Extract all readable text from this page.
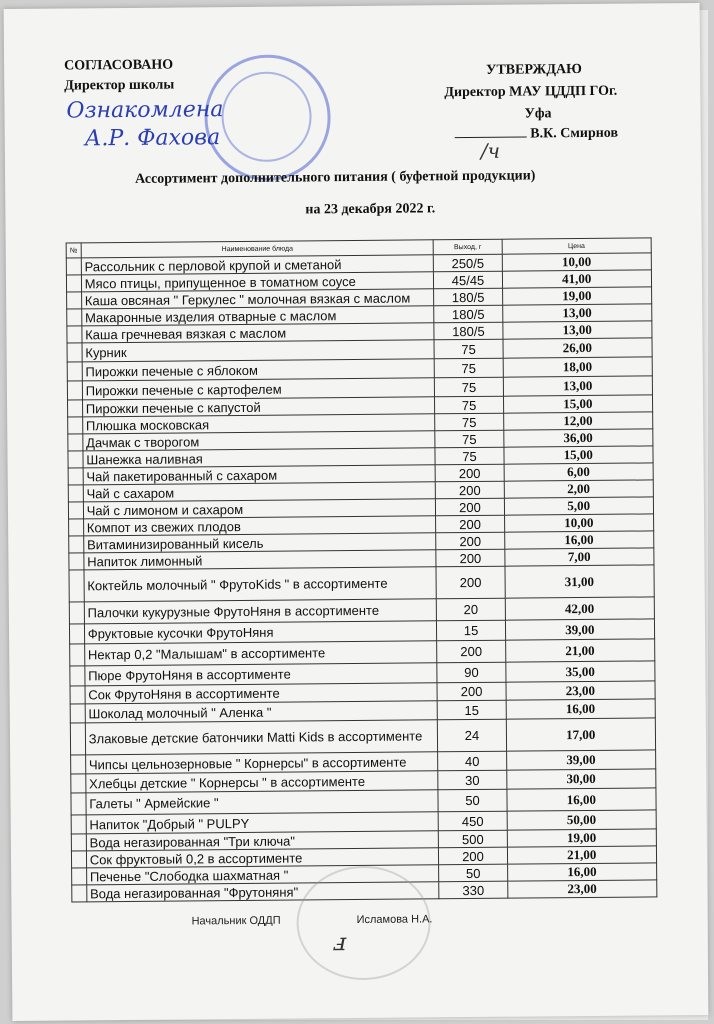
СОГЛАСОВАНО
Директор школы
УТВЕРЖДАЮ
Директор МАУ ЦДДП ГОг.
Уфа
В.К. Смирнов
Ознакомлена
А.Р. Фахова	/ч
Ассортимент дополнительного питания ( буфетной продукции)
на 23 декабря 2022 г.
№	Наименование блюда	Выход, г	Цена
	Рассольник с перловой крупой и сметаной	250/5	10,00
	Мясо птицы, припущенное в томатном соусе	45/45	41,00
	Каша овсяная " Геркулес " молочная вязкая с маслом	180/5	19,00
	Макаронные изделия отварные с маслом	180/5	13,00
	Каша гречневая вязкая с маслом	180/5	13,00
	Курник	75	26,00
	Пирожки печеные с яблоком	75	18,00
	Пирожки печеные с картофелем	75	13,00
	Пирожки печеные с капустой	75	15,00
	Плюшка московская	75	12,00
	Дачмак с творогом	75	36,00
	Шанежка наливная	75	15,00
	Чай пакетированный с сахаром	200	6,00
	Чай с сахаром	200	2,00
	Чай с лимоном и сахаром	200	5,00
	Компот из свежих плодов	200	10,00
	Витаминизированный кисель	200	16,00
	Напиток лимонный	200	7,00
	Коктейль молочный " ФрутоKids " в ассортименте	200	31,00
	Палочки кукурузные ФрутоНяня в ассортименте	20	42,00
	Фруктовые кусочки ФрутоНяня	15	39,00
	Нектар 0,2 "Малышам" в ассортименте	200	21,00
	Пюре ФрутоНяня в ассортименте	90	35,00
	Сок ФрутоНяня в ассортименте	200	23,00
	Шоколад молочный " Аленка "	15	16,00
	Злаковые детские батончики Matti Kids в ассортименте	24	17,00
	Чипсы цельнозерновые " Корнерсы" в ассортименте	40	39,00
	Хлебцы детские " Корнерсы " в ассортименте	30	30,00
	Галеты " Армейские "	50	16,00
	Напиток "Добрый " PULPY	450	50,00
	Вода негазированная "Три ключа"	500	19,00
	Сок фруктовый 0,2 в ассортименте	200	21,00
	Печенье "Слободка шахматная "	50	16,00
	Вода негазированная "Фрутоняня"	330	23,00
Начальник ОДДП	Исламова Н.А.
ⅎ
